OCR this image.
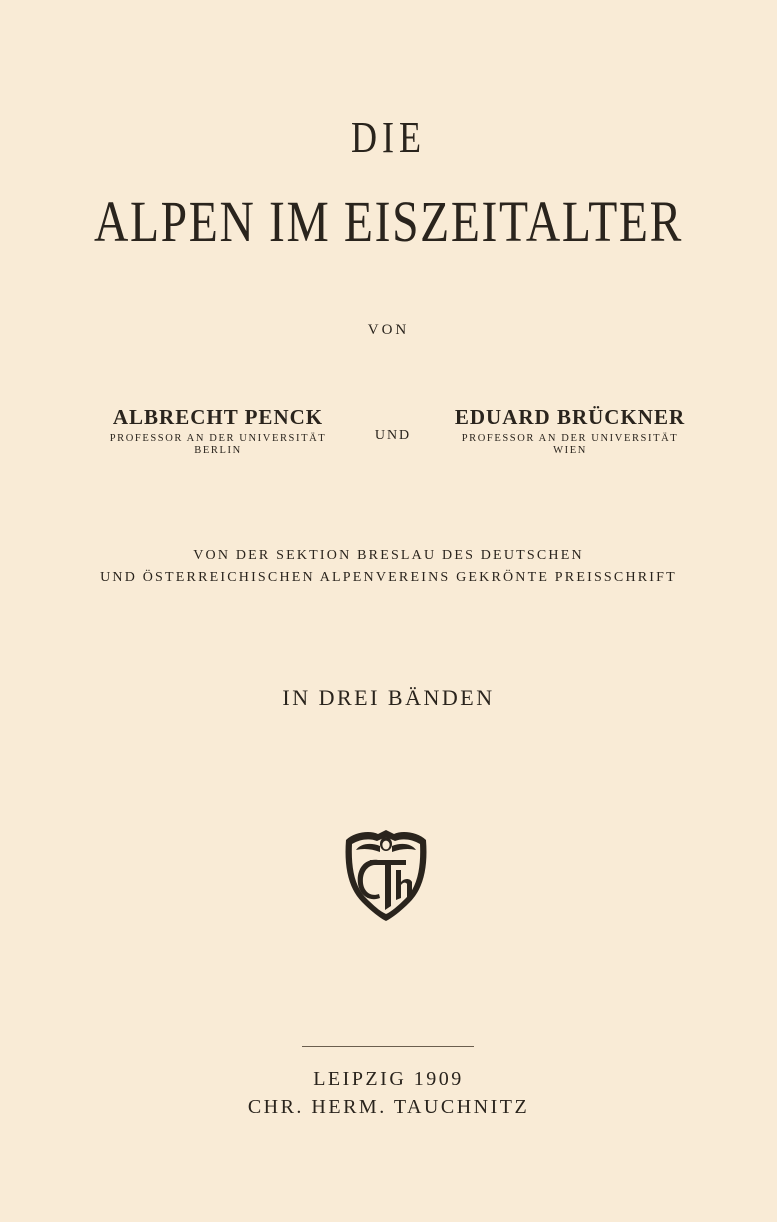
DIE
ALPEN IM EISZEITALTER
VON
ALBRECHT PENCK
PROFESSOR AN DER UNIVERSITÄT
BERLIN
UND
EDUARD BRÜCKNER
PROFESSOR AN DER UNIVERSITÄT
WIEN
VON DER SEKTION BRESLAU DES DEUTSCHEN
UND ÖSTERREICHISCHEN ALPENVEREINS GEKRÖNTE PREISSCHRIFT
IN DREI BÄNDEN
LEIPZIG 1909
CHR. HERM. TAUCHNITZ
